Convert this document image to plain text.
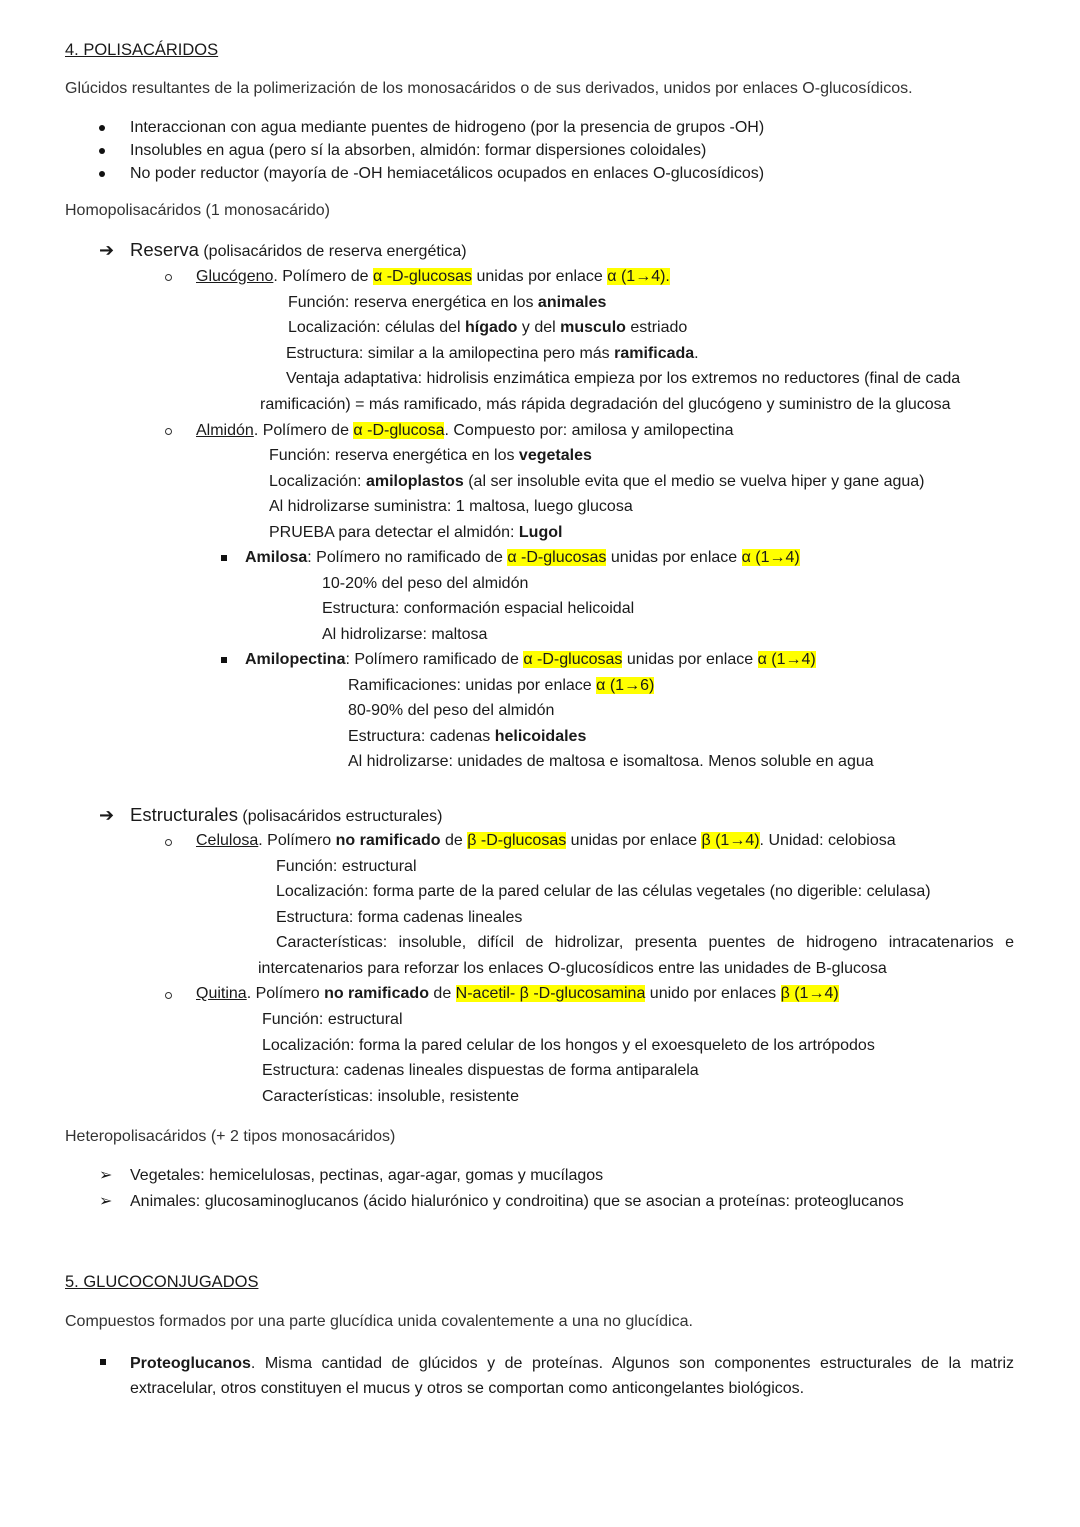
4. POLISACÁRIDOS
Glúcidos resultantes de la polimerización de los monosacáridos o de sus derivados, unidos por enlaces O-glucosídicos.
Interaccionan con agua mediante puentes de hidrogeno (por la presencia de grupos -OH)
Insolubles en agua (pero sí la absorben, almidón: formar dispersiones coloidales)
No poder reductor (mayoría de -OH hemiacetálicos ocupados en enlaces O-glucosídicos)
Homopolisacáridos (1 monosacárido)
➔ Reserva (polisacáridos de reserva energética)
Glucógeno. Polímero de α -D-glucosas unidas por enlace α (1→4).
Función: reserva energética en los animales
Localización: células del hígado y del musculo estriado
Estructura: similar a la amilopectina pero más ramificada.
Ventaja adaptativa: hidrolisis enzimática empieza por los extremos no reductores (final de cada
ramificación) = más ramificado, más rápida degradación del glucógeno y suministro de la glucosa
Almidón. Polímero de α -D-glucosa. Compuesto por: amilosa y amilopectina
Función: reserva energética en los vegetales
Localización: amiloplastos (al ser insoluble evita que el medio se vuelva hiper y gane agua)
Al hidrolizarse suministra: 1 maltosa, luego glucosa
PRUEBA para detectar el almidón: Lugol
Amilosa: Polímero no ramificado de α -D-glucosas unidas por enlace α (1→4)
10-20% del peso del almidón
Estructura: conformación espacial helicoidal
Al hidrolizarse: maltosa
Amilopectina: Polímero ramificado de α -D-glucosas unidas por enlace α (1→4)
Ramificaciones: unidas por enlace α (1→6)
80-90% del peso del almidón
Estructura: cadenas helicoidales
Al hidrolizarse: unidades de maltosa e isomaltosa. Menos soluble en agua
➔ Estructurales (polisacáridos estructurales)
Celulosa. Polímero no ramificado de β -D-glucosas unidas por enlace β (1→4). Unidad: celobiosa
Función: estructural
Localización: forma parte de la pared celular de las células vegetales (no digerible: celulasa)
Estructura: forma cadenas lineales
Características: insoluble, difícil de hidrolizar, presenta puentes de hidrogeno intracatenarios e
intercatenarios para reforzar los enlaces O-glucosídicos entre las unidades de B-glucosa
Quitina. Polímero no ramificado de N-acetil- β -D-glucosamina unido por enlaces β (1→4)
Función: estructural
Localización: forma la pared celular de los hongos y el exoesqueleto de los artrópodos
Estructura: cadenas lineales dispuestas de forma antiparalela
Características: insoluble, resistente
Heteropolisacáridos (+ 2 tipos monosacáridos)
➢ Vegetales: hemicelulosas, pectinas, agar-agar, gomas y mucílagos
➢ Animales: glucosaminoglucanos (ácido hialurónico y condroitina) que se asocian a proteínas: proteoglucanos
5. GLUCOCONJUGADOS
Compuestos formados por una parte glucídica unida covalentemente a una no glucídica.
Proteoglucanos. Misma cantidad de glúcidos y de proteínas. Algunos son componentes estructurales de la matriz extracelular, otros constituyen el mucus y otros se comportan como anticongelantes biológicos.
